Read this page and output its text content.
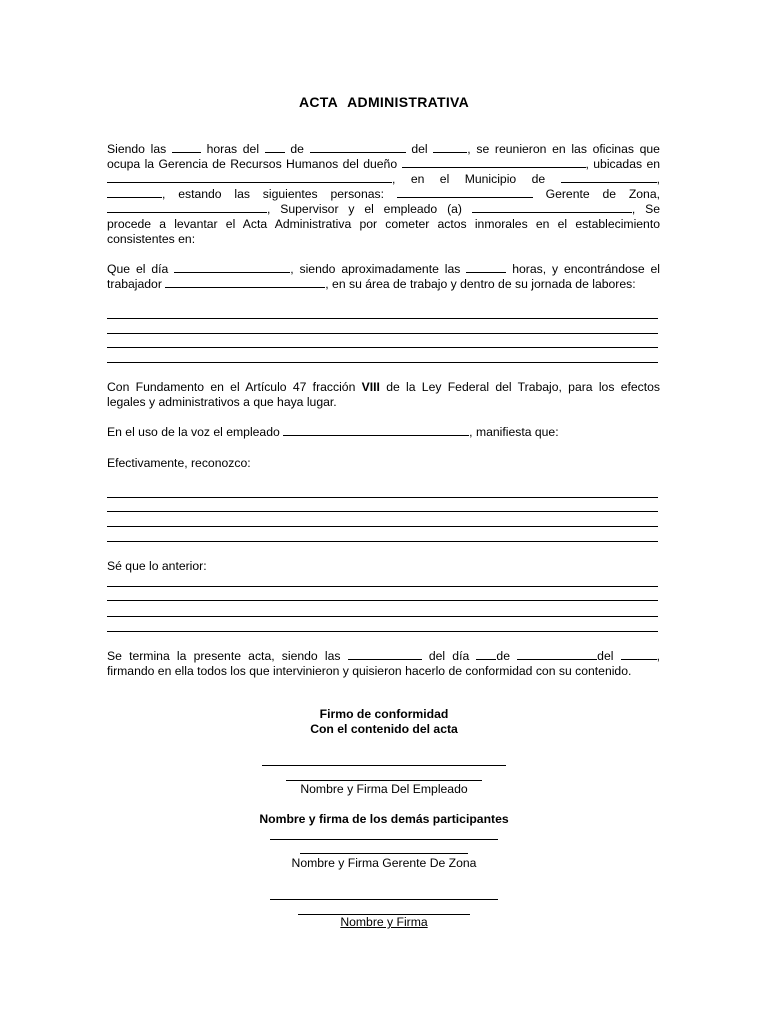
ACTA ADMINISTRATIVA
Siendo las	horas del	de	del	, se reunieron en las oficinas que
ocupa la Gerencia de Recursos Humanos del dueño	, ubicadas en
, en el Municipio de	,
, estando las siguientes personas:	Gerente de Zona,
, Supervisor y el empleado (a)	, Se
procede a levantar el Acta Administrativa por cometer actos inmorales en el establecimiento
consistentes en:
Que el día	, siendo aproximadamente las	horas, y encontrándose el
trabajador	, en su área de trabajo y dentro de su jornada de labores:
Con Fundamento en el Artículo 47 fracción VIII de la Ley Federal del Trabajo, para los efectos
legales y administrativos a que haya lugar.
En el uso de la voz el empleado	, manifiesta que:
Efectivamente, reconozco:
Sé que lo anterior:
Se termina la presente acta, siendo las	del día de	del	,
firmando en ella todos los que intervinieron y quisieron hacerlo de conformidad con su contenido.
Firmo de conformidad
Con el contenido del acta
Nombre y Firma Del Empleado
Nombre y firma de los demás participantes
Nombre y Firma Gerente De Zona
Nombre y Firma
